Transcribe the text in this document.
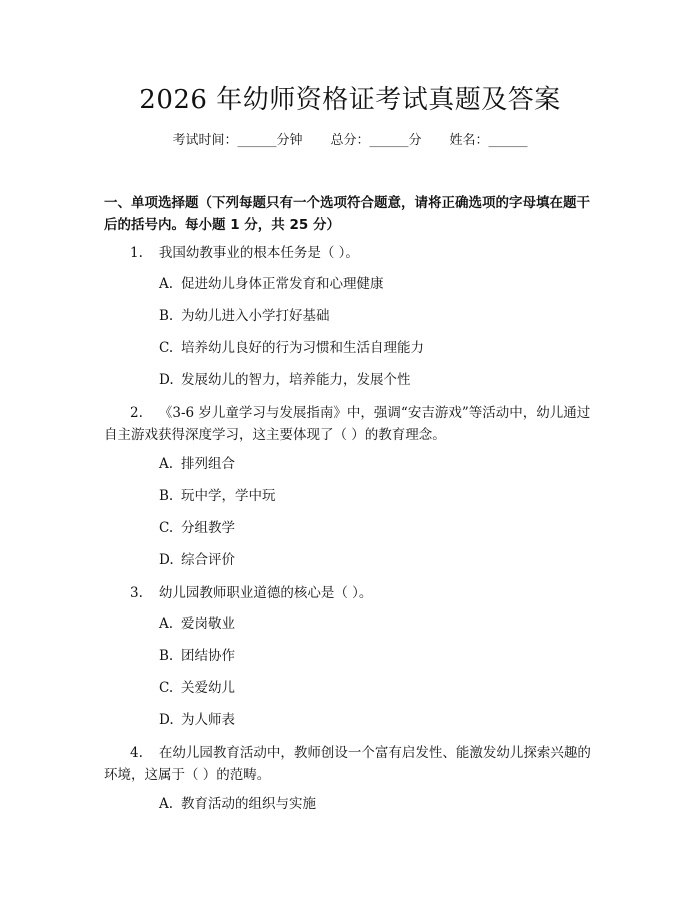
2026 年幼师资格证考试真题及答案
考试时间：______分钟 总分：______分 姓名：______
一、单项选择题（下列每题只有一个选项符合题意，请将正确选项的字母填在题干后的括号内。每小题 1 分，共 25 分）
1. 我国幼教事业的根本任务是（ ）。
A. 促进幼儿身体正常发育和心理健康
B. 为幼儿进入小学打好基础
C. 培养幼儿良好的行为习惯和生活自理能力
D. 发展幼儿的智力，培养能力，发展个性
2. 《3-6 岁儿童学习与发展指南》中，强调“安吉游戏”等活动中，幼儿通过自主游戏获得深度学习，这主要体现了（ ）的教育理念。
A. 排列组合
B. 玩中学，学中玩
C. 分组教学
D. 综合评价
3. 幼儿园教师职业道德的核心是（ ）。
A. 爱岗敬业
B. 团结协作
C. 关爱幼儿
D. 为人师表
4. 在幼儿园教育活动中，教师创设一个富有启发性、能激发幼儿探索兴趣的环境，这属于（ ）的范畴。
A. 教育活动的组织与实施
